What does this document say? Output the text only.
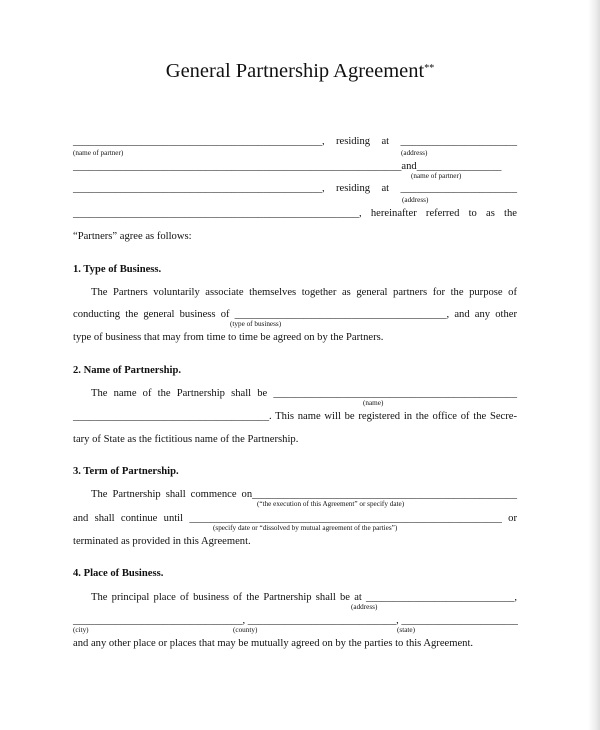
General Partnership Agreement**
_______________________________________________, residing at ______________________
(name of partner)	(address)
______________________________________________________________and________________
(name of partner)
_______________________________________________, residing at ______________________
(address)
______________________________________________________, hereinafter referred to as the
“Partners” agree as follows:
1. Type of Business.
The Partners voluntarily associate themselves together as general partners for the purpose of
conducting the general business of ________________________________________, and any other
(type of business)
type of business that may from time to time be agreed on by the Partners.
2. Name of Partnership.
The name of the Partnership shall be ______________________________________________
(name)
_____________________________________. This name will be registered in the office of the Secre-
tary of State as the fictitious name of the Partnership.
3. Term of Partnership.
The Partnership shall commence on__________________________________________________
(“the execution of this Agreement” or specify date)
and shall continue until ___________________________________________________________ or
(specify date or “dissolved by mutual agreement of the parties”)
terminated as provided in this Agreement.
4. Place of Business.
The principal place of business of the Partnership shall be at ____________________________,
(address)
________________________________, ____________________________, ______________________
(city)	(county)	(state)
and any other place or places that may be mutually agreed on by the parties to this Agreement.
